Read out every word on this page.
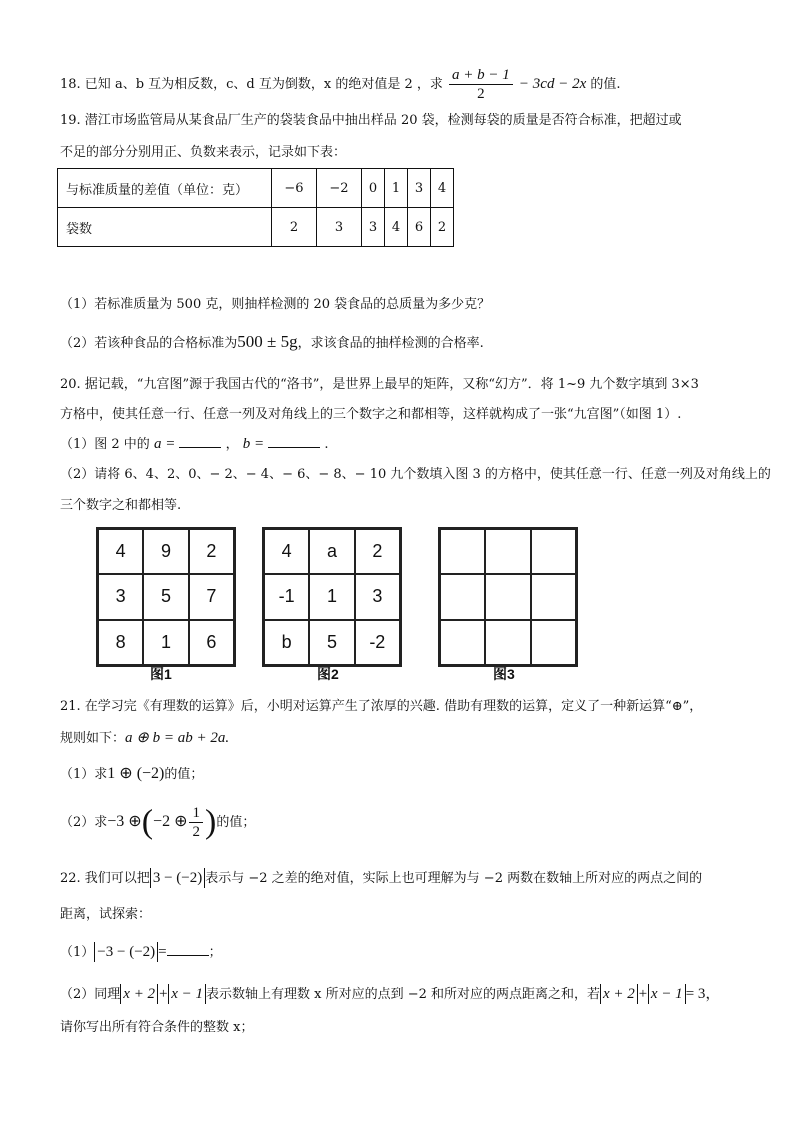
18. 已知 a、b 互为相反数，c、d 互为倒数，x 的绝对值是 2 ，求 $\frac{a + b - 1}{2} - 3cd - 2x$ 的值.
19. 潜江市场监管局从某食品厂生产的袋装食品中抽出样品 20 袋，检测每袋的质量是否符合标准，把超过或
不足的部分分别用正、负数来表示，记录如下表：
与标准质量的差值（单位：克）	−6	−2	0	1	3	4
袋数	2	3	3	4	6	2
（1）若标准质量为 500 克，则抽样检测的 20 袋食品的总质量为多少克？
（2）若该种食品的合格标准为500 ± 5g，求该食品的抽样检测的合格率.
20. 据记载，“九宫图”源于我国古代的“洛书”，是世界上最早的矩阵，又称“幻方”．将 1~9 九个数字填到 3×3
方格中，使其任意一行、任意一列及对角线上的三个数字之和都相等，这样就构成了一张“九宫图”（如图 1）.
（1）图 2 中的 a =	， b =	.
（2）请将 6、4、2、0、− 2、− 4、− 6、− 8、− 10 九个数填入图 3 的方格中，使其任意一行、任意一列及对角线上的
三个数字之和都相等.
4	9	2
3	5	7
8	1	6
4	a	2
-1	1	3
b	5	-2
图1	图2	图3
21. 在学习完《有理数的运算》后，小明对运算产生了浓厚的兴趣. 借助有理数的运算，定义了一种新运算“⊕”，
规则如下：a ⊕ b = ab + 2a.
（1）求1 ⊕ (−2)的值；
（2）求−3 ⊕(−2 ⊕ $\frac{1}{2}$ )的值；
22. 我们可以把 3 − (−2) 表示与 −2 之差的绝对值，实际上也可理解为与 −2 两数在数轴上所对应的两点之间的
距离，试探索：
（1） −3 − (−2) =	；
（2）同理 x + 2 + x − 1 表示数轴上有理数 x 所对应的点到 −2 和所对应的两点距离之和，若 x + 2 + x − 1 = 3，
请你写出所有符合条件的整数 x；
